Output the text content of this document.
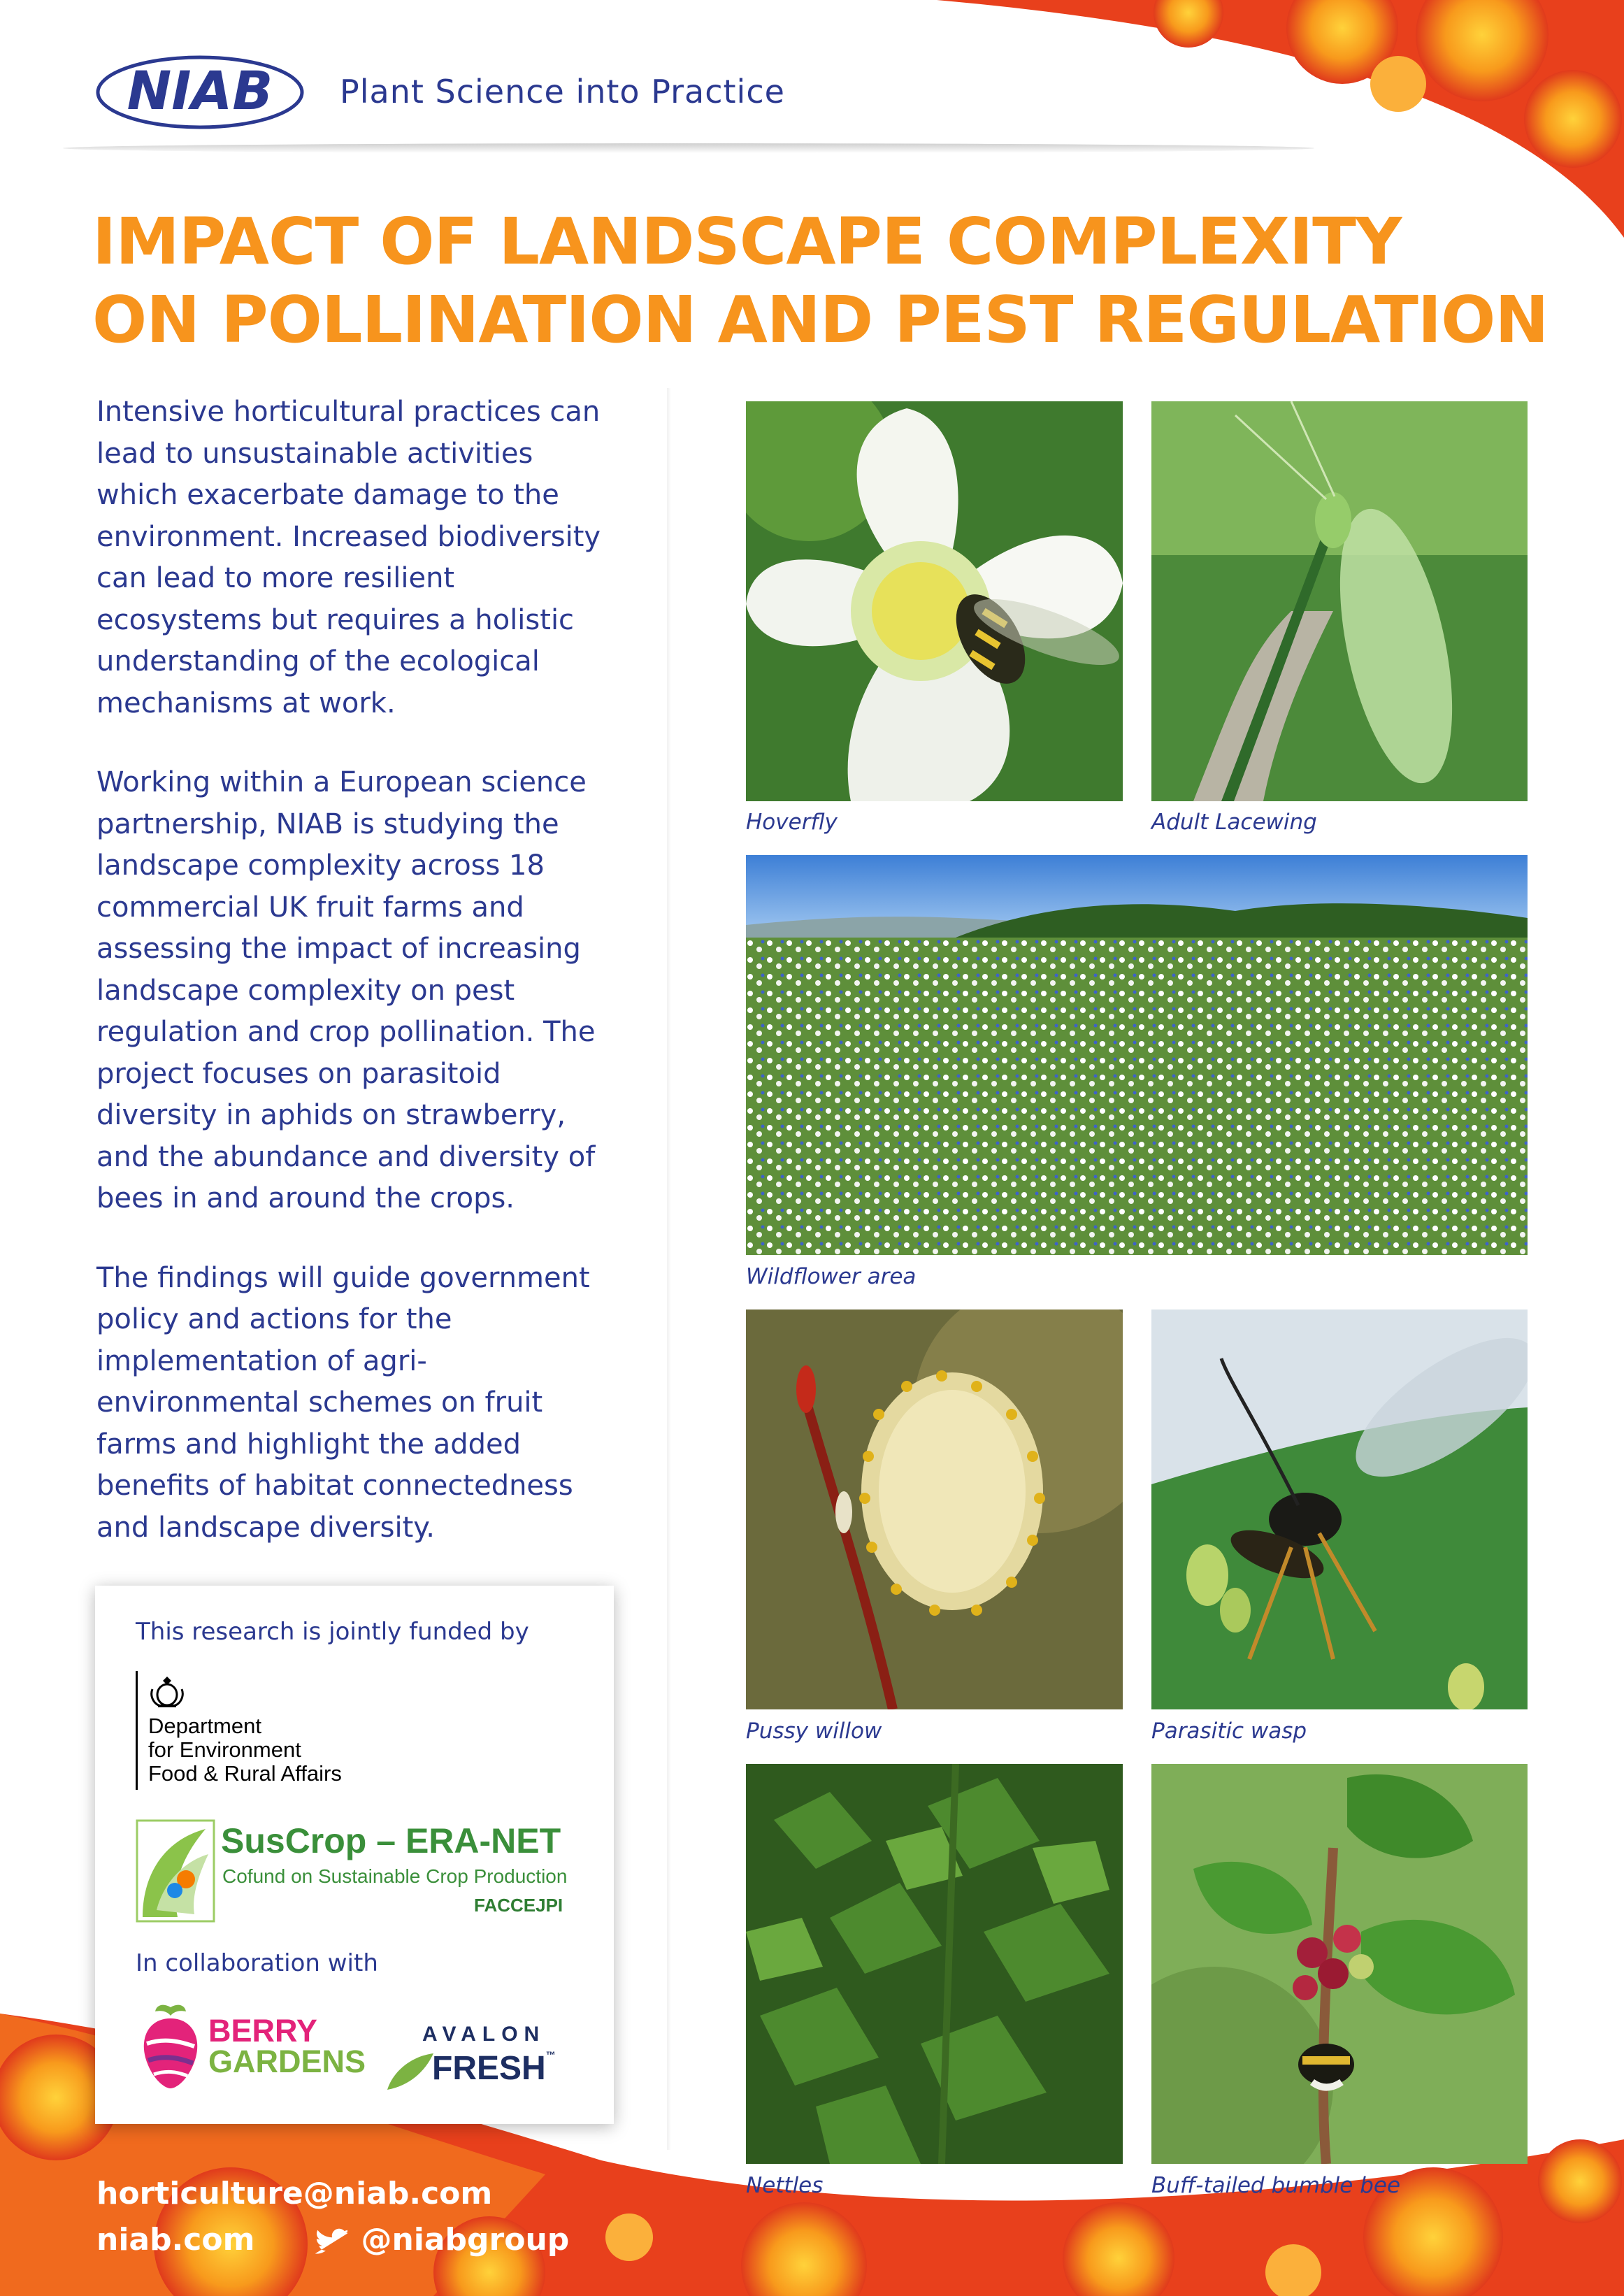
NIAB Plant Science into Practice
IMPACT OF LANDSCAPE COMPLEXITY
ON POLLINATION AND PEST REGULATION

Intensive horticultural practices can lead to unsustainable activities which exacerbate damage to the environment. Increased biodiversity can lead to more resilient ecosystems but requires a holistic understanding of the ecological mechanisms at work.

Working within a European science partnership, NIAB is studying the landscape complexity across 18 commercial UK fruit farms and assessing the impact of increasing landscape complexity on pest regulation and crop pollination. The project focuses on parasitoid diversity in aphids on strawberry, and the abundance and diversity of bees in and around the crops.

The findings will guide government policy and actions for the implementation of agri-environmental schemes on fruit farms and highlight the added benefits of habitat connectedness and landscape diversity.

This research is jointly funded by
Department
for Environment
Food & Rural Affairs
SusCrop – ERA-NET
Cofund on Sustainable Crop Production
FACCEJPI
In collaboration with
BERRY
GARDENS
AVALON
FRESH™
Hoverfly	Adult Lacewing
Wildflower area
Pussy willow	Parasitic wasp
Nettles	Buff-tailed bumble bee
horticulture@niab.com
niab.com	@niabgroup
